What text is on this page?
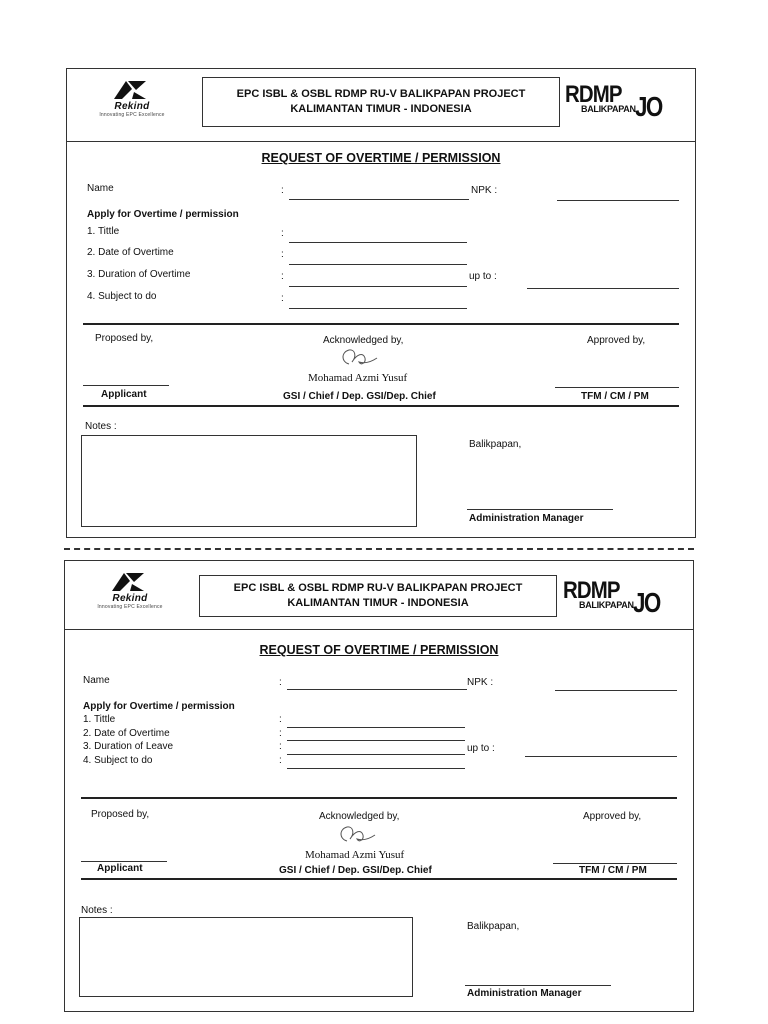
Rekind
Innovating EPC Excellence
EPC ISBL & OSBL RDMP RU-V BALIKPAPAN PROJECT
KALIMANTAN TIMUR - INDONESIA
RDMP
BALIKPAPAN JO
REQUEST OF OVERTIME / PERMISSION
Name	:	NPK :
Apply for Overtime / permission
1. Tittle	:
2. Date of Overtime	:
3. Duration of Overtime	:	up to :
4. Subject to do	:
Proposed by,	Acknowledged by,	Approved by,
Mohamad Azmi Yusuf
Applicant	GSI / Chief / Dep. GSI/Dep. Chief	TFM / CM / PM
Notes :
Balikpapan,
Administration Manager
Rekind
Innovating EPC Excellence
EPC ISBL & OSBL RDMP RU-V BALIKPAPAN PROJECT
KALIMANTAN TIMUR - INDONESIA	RDMP
BALIKPAPAN JO
REQUEST OF OVERTIME / PERMISSION
Name	:	NPK :
Apply for Overtime / permission
1. Tittle	:
2. Date of Overtime	:
3. Duration of Leave	:	up to :
4. Subject to do	:
Proposed by,	Acknowledged by,	Approved by,
Mohamad Azmi Yusuf
Applicant	GSI / Chief / Dep. GSI/Dep. Chief	TFM / CM / PM
Notes :
Balikpapan,
Administration Manager
